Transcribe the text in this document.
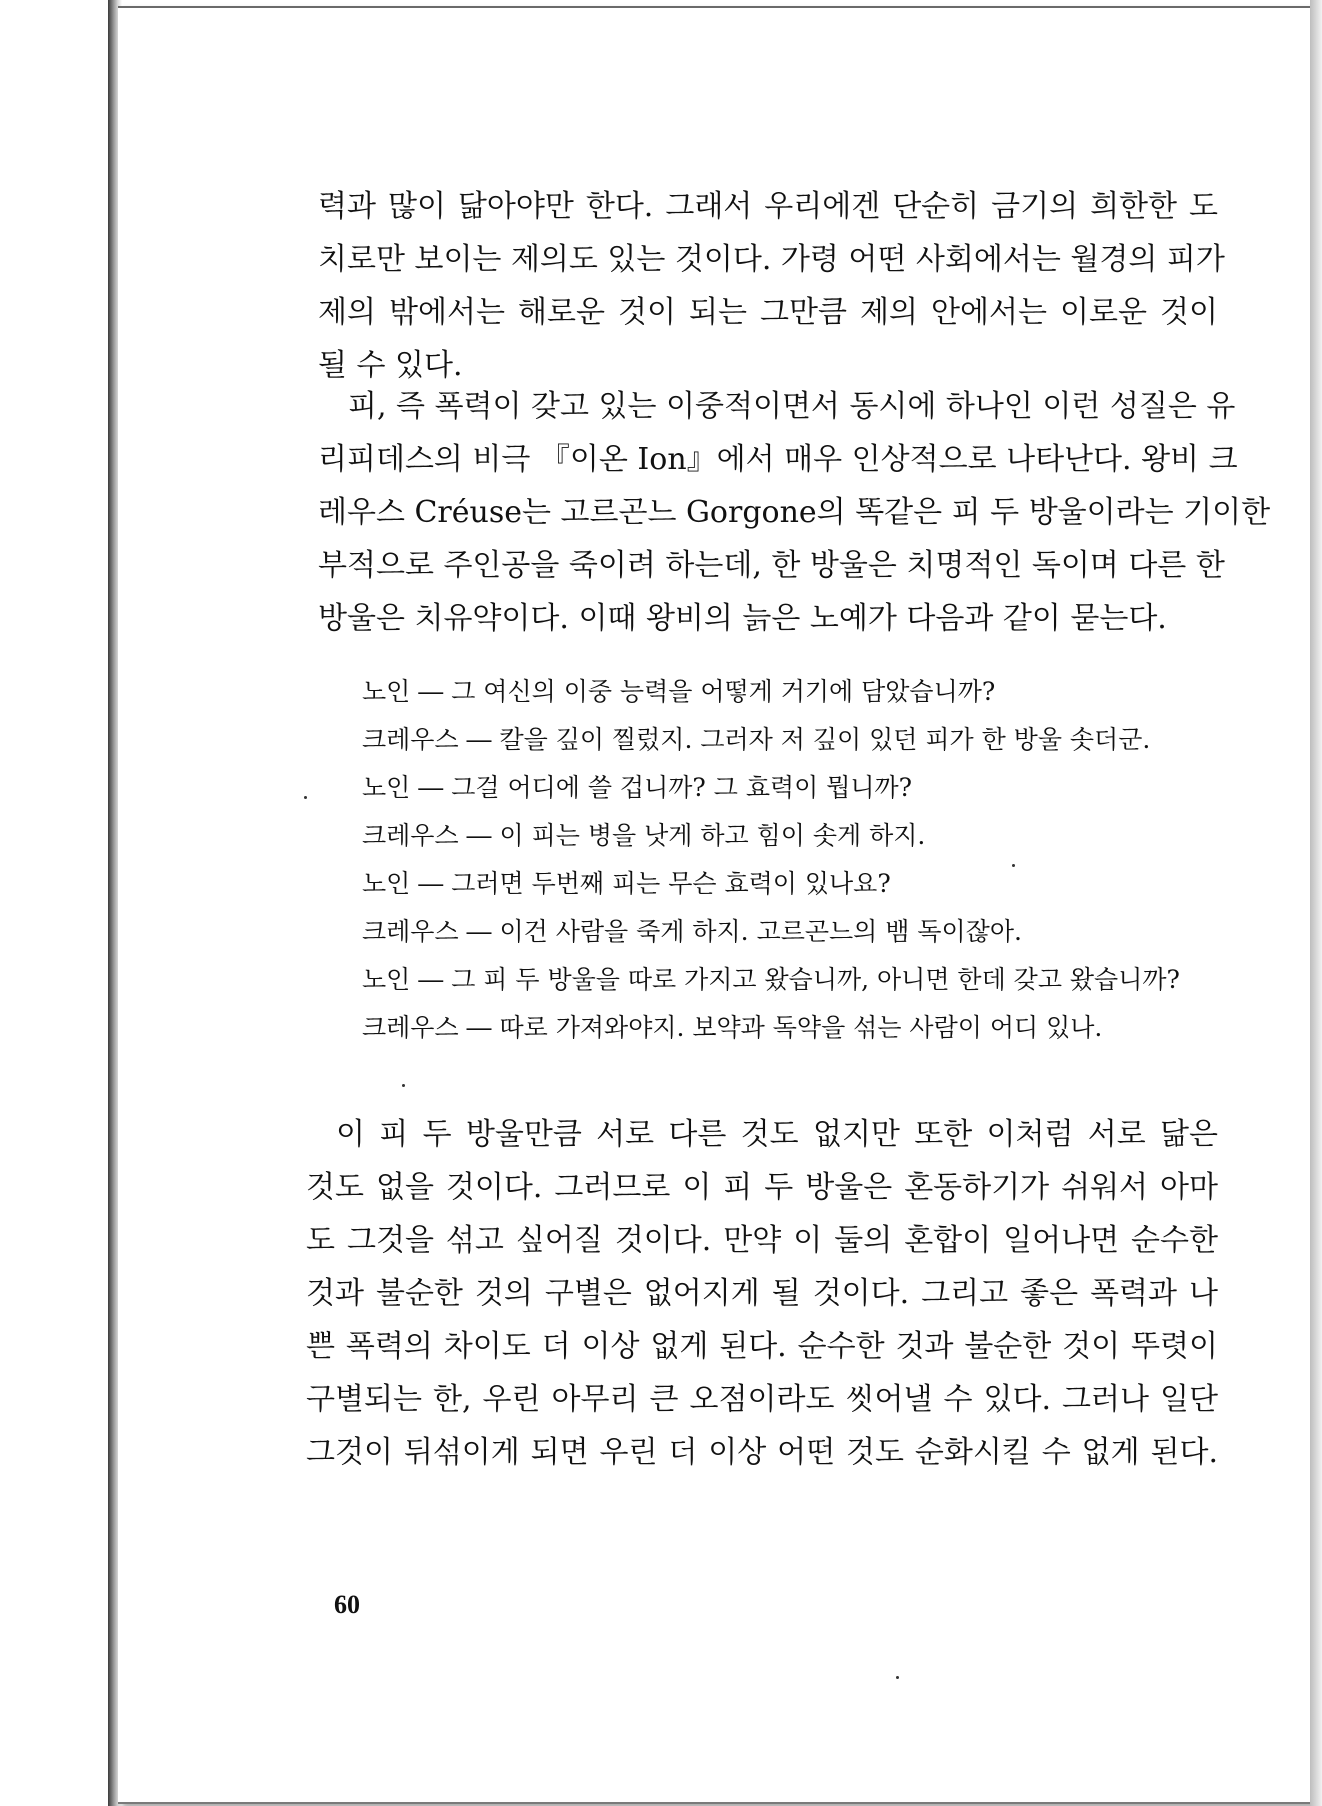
력과 많이 닮아야만 한다. 그래서 우리에겐 단순히 금기의 희한한 도
치로만 보이는 제의도 있는 것이다. 가령 어떤 사회에서는 월경의 피가
제의 밖에서는 해로운 것이 되는 그만큼 제의 안에서는 이로운 것이
될 수 있다.
피, 즉 폭력이 갖고 있는 이중적이면서 동시에 하나인 이런 성질은 유
리피데스의 비극 『이온 Ion』에서 매우 인상적으로 나타난다. 왕비 크
레우스 Créuse는 고르곤느 Gorgone의 똑같은 피 두 방울이라는 기이한
부적으로 주인공을 죽이려 하는데, 한 방울은 치명적인 독이며 다른 한
방울은 치유약이다. 이때 왕비의 늙은 노예가 다음과 같이 묻는다.
노인 ― 그 여신의 이중 능력을 어떻게 거기에 담았습니까?
크레우스 ― 칼을 깊이 찔렀지. 그러자 저 깊이 있던 피가 한 방울 솟더군.
노인 ― 그걸 어디에 쓸 겁니까? 그 효력이 뭡니까?
크레우스 ― 이 피는 병을 낫게 하고 힘이 솟게 하지.
노인 ― 그러면 두번째 피는 무슨 효력이 있나요?
크레우스 ― 이건 사람을 죽게 하지. 고르곤느의 뱀 독이잖아.
노인 ― 그 피 두 방울을 따로 가지고 왔습니까, 아니면 한데 갖고 왔습니까?
크레우스 ― 따로 가져와야지. 보약과 독약을 섞는 사람이 어디 있나.
이 피 두 방울만큼 서로 다른 것도 없지만 또한 이처럼 서로 닮은
것도 없을 것이다. 그러므로 이 피 두 방울은 혼동하기가 쉬워서 아마
도 그것을 섞고 싶어질 것이다. 만약 이 둘의 혼합이 일어나면 순수한
것과 불순한 것의 구별은 없어지게 될 것이다. 그리고 좋은 폭력과 나
쁜 폭력의 차이도 더 이상 없게 된다. 순수한 것과 불순한 것이 뚜렷이
구별되는 한, 우린 아무리 큰 오점이라도 씻어낼 수 있다. 그러나 일단
그것이 뒤섞이게 되면 우린 더 이상 어떤 것도 순화시킬 수 없게 된다.
60
